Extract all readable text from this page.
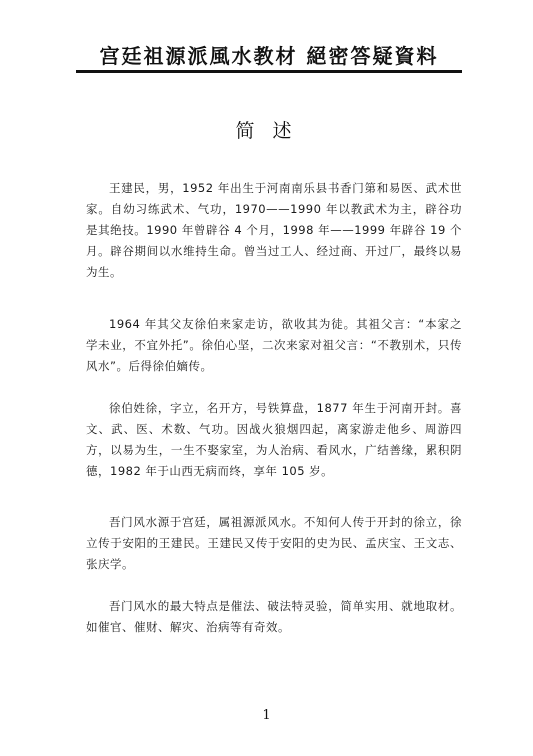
宫廷祖源派風水教材 絕密答疑資料
简 述

王建民，男，1952 年出生于河南南乐县书香门第和易医、武术世家。自幼习练武术、气功，1970——1990 年以教武术为主，辟谷功是其绝技。1990 年曾辟谷 4 个月，1998 年——1999 年辟谷 19 个月。辟谷期间以水维持生命。曾当过工人、经过商、开过厂，最终以易为生。

1964 年其父友徐伯来家走访，欲收其为徒。其祖父言：“本家之学未业，不宜外托”。徐伯心坚，二次来家对祖父言：“不教别术，只传风水”。后得徐伯嫡传。

徐伯姓徐，字立，名开方，号铁算盘，1877 年生于河南开封。喜文、武、医、术数、气功。因战火狼烟四起，离家游走他乡、周游四方，以易为生，一生不娶家室，为人治病、看风水，广结善缘，累积阴德，1982 年于山西无病而终，享年 105 岁。

吾门风水源于宫廷，属祖源派风水。不知何人传于开封的徐立，徐立传于安阳的王建民。王建民又传于安阳的史为民、孟庆宝、王文志、张庆学。

吾门风水的最大特点是催法、破法特灵验，简单实用、就地取材。如催官、催财、解灾、治病等有奇效。

1
